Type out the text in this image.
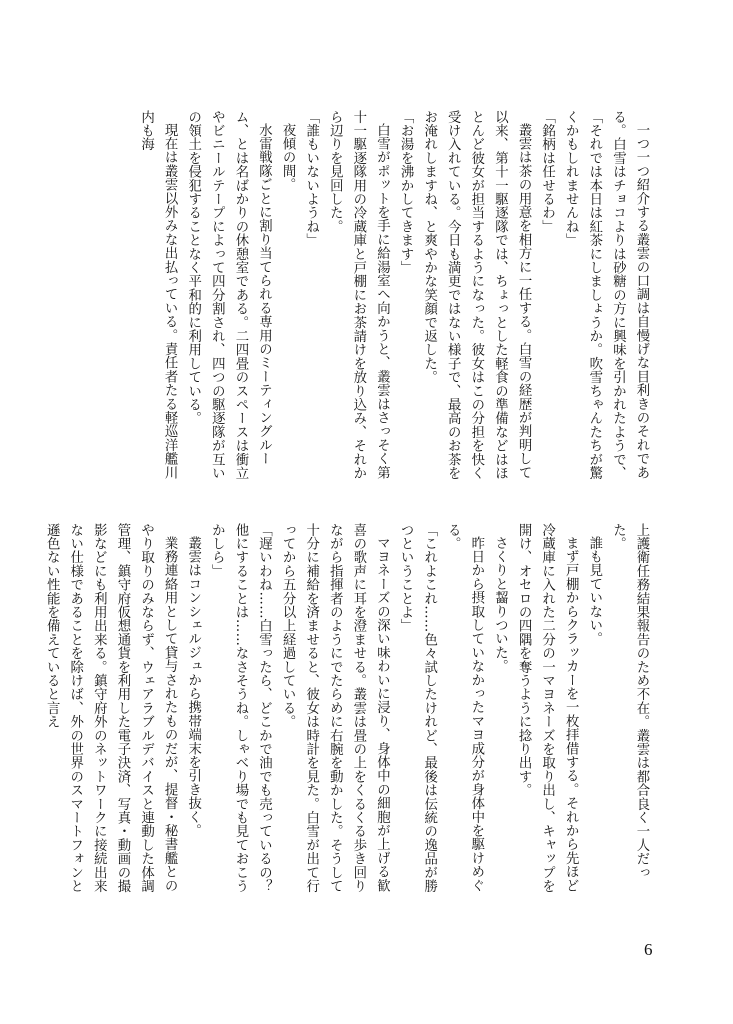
一つ一つ紹介する叢雲の口調は自慢げな目利きのそれである。白雪はチョコよりは砂糖の方に興味を引かれたようで、

「それでは本日は紅茶にしましょうか。吹雪ちゃんたちが驚くかもしれませんね」

「銘柄は任せるわ」

叢雲は茶の用意を相方に一任する。白雪の経歴が判明して以来、第十一駆逐隊では、ちょっとした軽食の準備などはほとんど彼女が担当するようになった。彼女はこの分担を快く受け入れている。今日も満更ではない様子で、最高のお茶をお淹れしますね、と爽やかな笑顔で返した。

「お湯を沸かしてきます」

白雪がポットを手に給湯室へ向かうと、叢雲はさっそく第十一駆逐隊用の冷蔵庫と戸棚にお茶請けを放り込み、それから辺りを見回した。

「誰もいないようね」

夜傾の間。

水雷戦隊ごとに割り当てられる専用のミーティングルーム、とは名ばかりの休憩室である。二四畳のスペースは衝立やビニールテープによって四分割され、四つの駆逐隊が互いの領土を侵犯することなく平和的に利用している。

現在は叢雲以外みな出払っている。責任者たる軽巡洋艦川内も海

上護衛任務結果報告のため不在。叢雲は都合良く一人だった。

誰も見ていない。

まず戸棚からクラッカーを一枚拝借する。それから先ほど冷蔵庫に入れた二分の一マヨネーズを取り出し、キャップを開け、オセロの四隅を奪うように捻り出す。

さくりと齧りついた。

昨日から摂取していなかったマヨ成分が身体中を駆けめぐる。

「これよこれ……色々試したけれど、最後は伝統の逸品が勝つということよ」

マヨネーズの深い味わいに浸り、身体中の細胞が上げる歓喜の歌声に耳を澄ませる。叢雲は畳の上をくるくる歩き回りながら指揮者のようにでたらめに右腕を動かした。そうして十分に補給を済ませると、彼女は時計を見た。白雪が出て行ってから五分以上経過している。

「遅いわね……白雪ったら、どこかで油でも売っているの？　他にすることは……なさそうね。しゃべり場でも見ておこうかしら」

叢雲はコンシェルジュから携帯端末を引き抜く。

業務連絡用として貸与されたものだが、提督・秘書艦とのやり取りのみならず、ウェアラブルデバイスと連動した体調管理、鎮守府仮想通貨を利用した電子決済、写真・動画の撮影などにも利用出来る。鎮守府外のネットワークに接続出来ない仕様であることを除けば、外の世界のスマートフォンと遜色ない性能を備えていると言え

6
